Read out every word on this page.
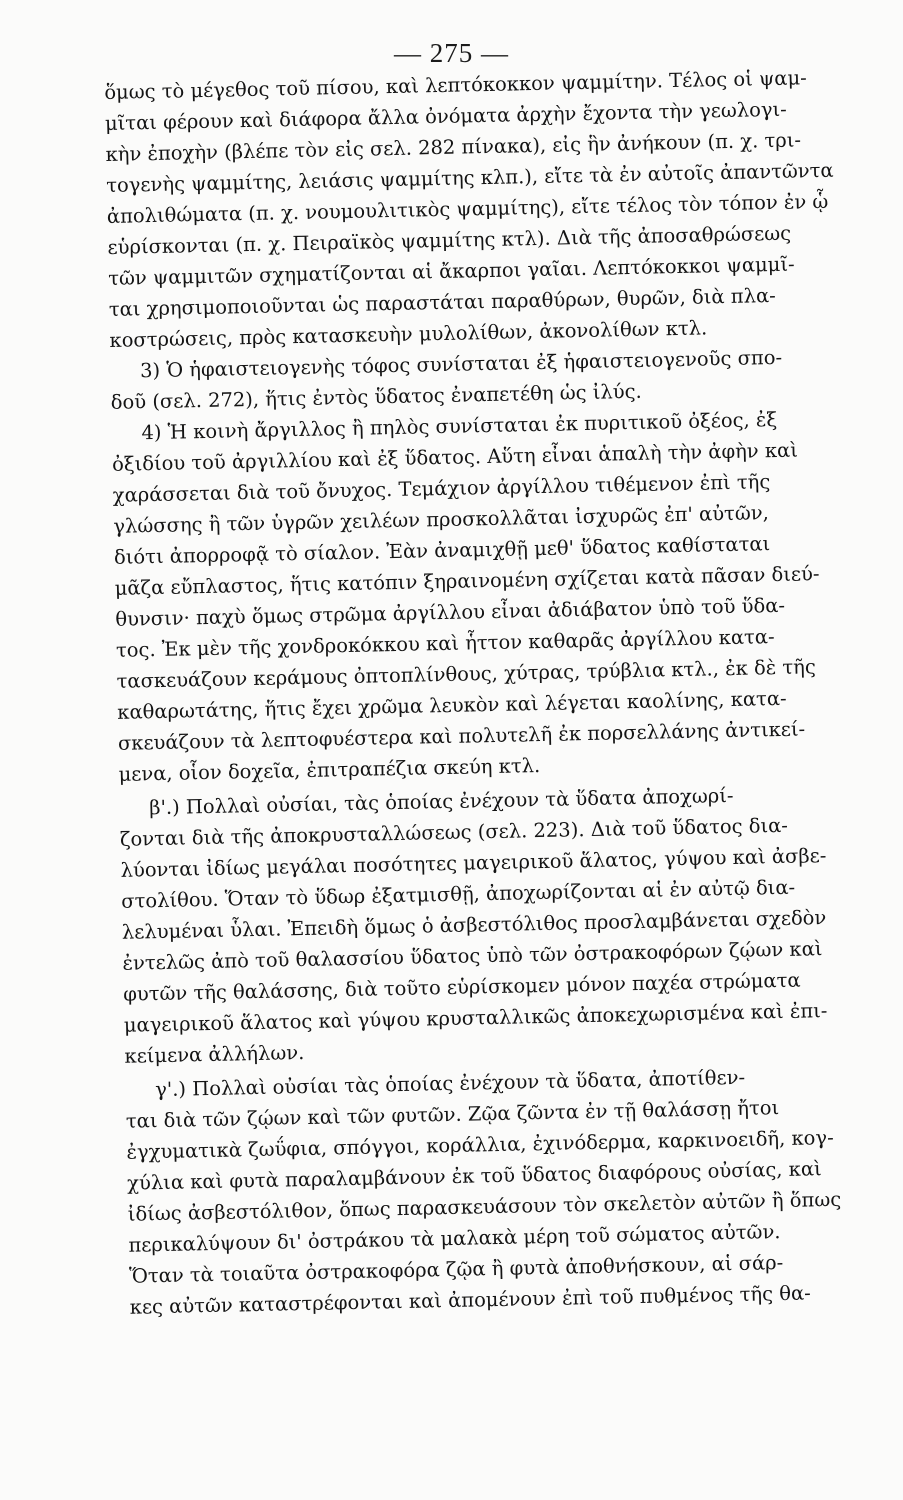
— 275 —
ὅμως τὸ μέγεθος τοῦ πίσου, καὶ λεπτόκοκκον ψαμμίτην. Τέλος οἱ ψαμ-
μῖται φέρουν καὶ διάφορα ἄλλα ὀνόματα ἀρχὴν ἔχοντα τὴν γεωλογι-
κὴν ἐποχὴν (βλέπε τὸν εἰς σελ. 282 πίνακα), εἰς ἣν ἀνήκουν (π. χ. τρι-
τογενὴς ψαμμίτης, λειάσις ψαμμίτης κλπ.), εἴτε τὰ ἐν αὐτοῖς ἀπαντῶντα
ἀπολιθώματα (π. χ. νουμουλιτικὸς ψαμμίτης), εἴτε τέλος τὸν τόπον ἐν ᾧ
εὑρίσκονται (π. χ. Πειραϊκὸς ψαμμίτης κτλ). Διὰ τῆς ἀποσαθρώσεως
τῶν ψαμμιτῶν σχηματίζονται αἱ ἄκαρποι γαῖαι. Λεπτόκοκκοι ψαμμῖ-
ται χρησιμοποιοῦνται ὡς παραστάται παραθύρων, θυρῶν, διὰ πλα-
κοστρώσεις, πρὸς κατασκευὴν μυλολίθων, ἀκονολίθων κτλ.
3) Ὁ ἡφαιστειογενὴς τόφος συνίσταται ἐξ ἡφαιστειογενοῦς σπο-
δοῦ (σελ. 272), ἥτις ἐντὸς ὕδατος ἐναπετέθη ὡς ἰλύς.
4) Ἡ κοινὴ ἄργιλλος ἢ πηλὸς συνίσταται ἐκ πυριτικοῦ ὀξέος, ἐξ
ὀξιδίου τοῦ ἀργιλλίου καὶ ἐξ ὕδατος. Αὕτη εἶναι ἁπαλὴ τὴν ἀφὴν καὶ
χαράσσεται διὰ τοῦ ὄνυχος. Τεμάχιον ἀργίλλου τιθέμενον ἐπὶ τῆς
γλώσσης ἢ τῶν ὑγρῶν χειλέων προσκολλᾶται ἰσχυρῶς ἐπ' αὐτῶν,
διότι ἀπορροφᾷ τὸ σίαλον. Ἐὰν ἀναμιχθῇ μεθ' ὕδατος καθίσταται
μᾶζα εὔπλαστος, ἥτις κατόπιν ξηραινομένη σχίζεται κατὰ πᾶσαν διεύ-
θυνσιν· παχὺ ὅμως στρῶμα ἀργίλλου εἶναι ἀδιάβατον ὑπὸ τοῦ ὕδα-
τος. Ἐκ μὲν τῆς χονδροκόκκου καὶ ἧττον καθαρᾶς ἀργίλλου κατα-
τασκευάζουν κεράμους ὀπτοπλίνθους, χύτρας, τρύβλια κτλ., ἐκ δὲ τῆς
καθαρωτάτης, ἥτις ἔχει χρῶμα λευκὸν καὶ λέγεται καολίνης, κατα-
σκευάζουν τὰ λεπτοφυέστερα καὶ πολυτελῆ ἐκ πορσελλάνης ἀντικεί-
μενα, οἷον δοχεῖα, ἐπιτραπέζια σκεύη κτλ.
β'.) Πολλαὶ οὐσίαι, τὰς ὁποίας ἐνέχουν τὰ ὕδατα ἀποχωρί-
ζονται διὰ τῆς ἀποκρυσταλλώσεως (σελ. 223). Διὰ τοῦ ὕδατος δια-
λύονται ἰδίως μεγάλαι ποσότητες μαγειρικοῦ ἅλατος, γύψου καὶ ἀσβε-
στολίθου. Ὅταν τὸ ὕδωρ ἐξατμισθῇ, ἀποχωρίζονται αἱ ἐν αὐτῷ δια-
λελυμέναι ὗλαι. Ἐπειδὴ ὅμως ὁ ἀσβεστόλιθος προσλαμβάνεται σχεδὸν
ἐντελῶς ἀπὸ τοῦ θαλασσίου ὕδατος ὑπὸ τῶν ὀστρακοφόρων ζῴων καὶ
φυτῶν τῆς θαλάσσης, διὰ τοῦτο εὑρίσκομεν μόνον παχέα στρώματα
μαγειρικοῦ ἅλατος καὶ γύψου κρυσταλλικῶς ἀποκεχωρισμένα καὶ ἐπι-
κείμενα ἀλλήλων.
γ'.) Πολλαὶ οὐσίαι τὰς ὁποίας ἐνέχουν τὰ ὕδατα, ἀποτίθεν-
ται διὰ τῶν ζῴων καὶ τῶν φυτῶν. Ζῷα ζῶντα ἐν τῇ θαλάσσῃ ἤτοι
ἐγχυματικὰ ζωΰφια, σπόγγοι, κοράλλια, ἐχινόδερμα, καρκινοειδῆ, κογ-
χύλια καὶ φυτὰ παραλαμβάνουν ἐκ τοῦ ὕδατος διαφόρους οὐσίας, καὶ
ἰδίως ἀσβεστόλιθον, ὅπως παρασκευάσουν τὸν σκελετὸν αὐτῶν ἢ ὅπως
περικαλύψουν δι' ὀστράκου τὰ μαλακὰ μέρη τοῦ σώματος αὐτῶν.
Ὅταν τὰ τοιαῦτα ὀστρακοφόρα ζῷα ἢ φυτὰ ἀποθνήσκουν, αἱ σάρ-
κες αὐτῶν καταστρέφονται καὶ ἀπομένουν ἐπὶ τοῦ πυθμένος τῆς θα-
